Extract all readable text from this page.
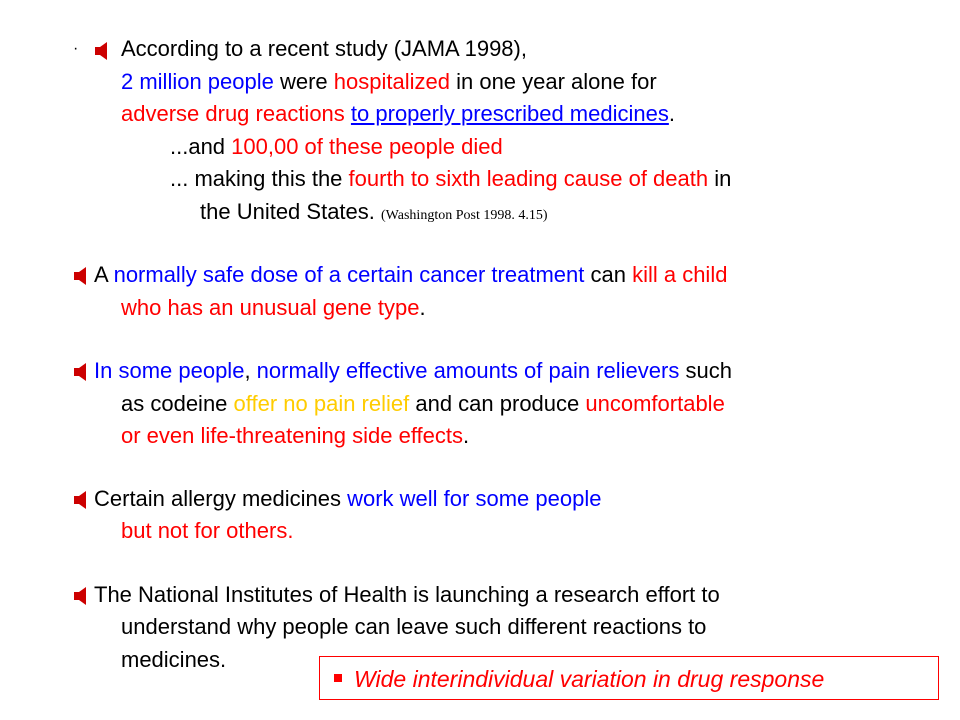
· According to a recent study (JAMA 1998),
2 million people were hospitalized in one year alone for
adverse drug reactions to properly prescribed medicines.
...and 100,00 of these people died
... making this the fourth to sixth leading cause of death in
the United States. (Washington Post 1998. 4.15)
A normally safe dose of a certain cancer treatment can kill a child
who has an unusual gene type.
In some people, normally effective amounts of pain relievers such
as codeine offer no pain relief and can produce uncomfortable
or even life-threatening side effects.
Certain allergy medicines work well for some people
but not for others.
The National Institutes of Health is launching a research effort to
understand why people can leave such different reactions to
medicines.
Wide interindividual variation in drug response
